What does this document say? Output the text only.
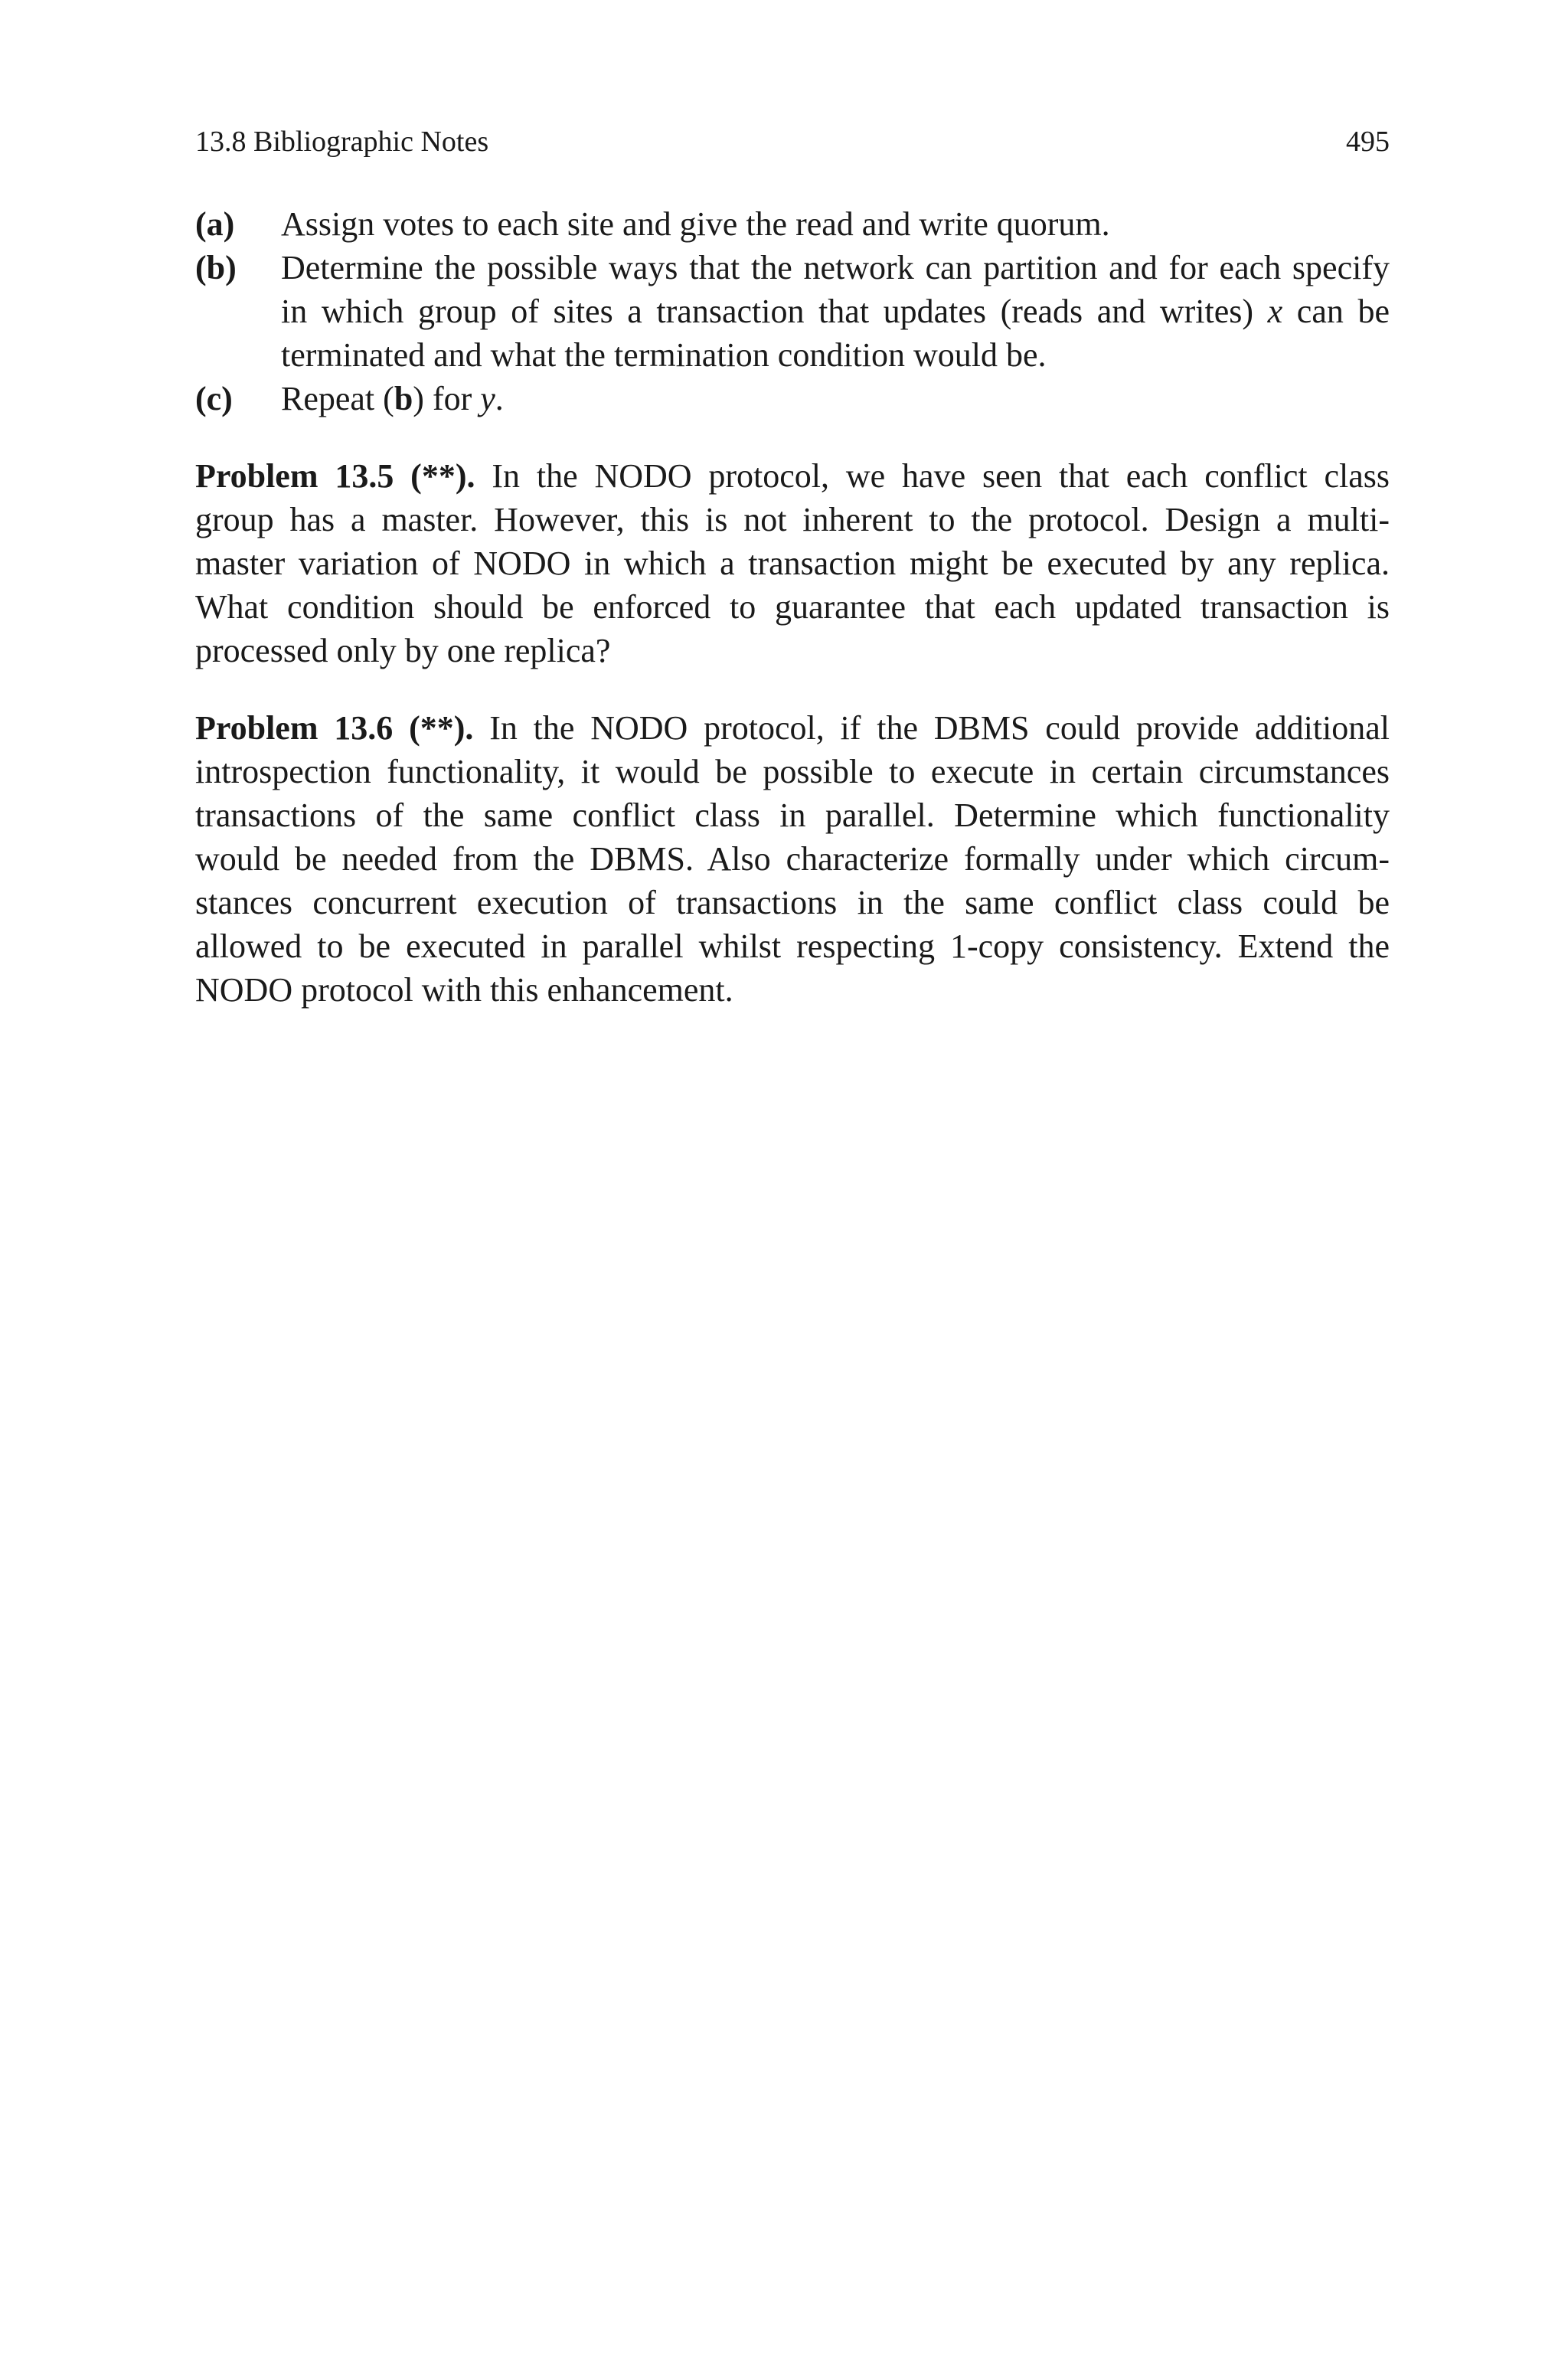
13.8 Bibliographic Notes	495
(a) Assign votes to each site and give the read and write quorum.
(b) Determine the possible ways that the network can partition and for each specify
in which group of sites a transaction that updates (reads and writes) x can be
terminated and what the termination condition would be.
(c) Repeat (b) for y.
Problem 13.5 (**). In the NODO protocol, we have seen that each conflict class
group has a master. However, this is not inherent to the protocol. Design a multi-
master variation of NODO in which a transaction might be executed by any replica.
What condition should be enforced to guarantee that each updated transaction is
processed only by one replica?
Problem 13.6 (**). In the NODO protocol, if the DBMS could provide additional
introspection functionality, it would be possible to execute in certain circumstances
transactions of the same conflict class in parallel. Determine which functionality
would be needed from the DBMS. Also characterize formally under which circum-
stances concurrent execution of transactions in the same conflict class could be
allowed to be executed in parallel whilst respecting 1-copy consistency. Extend the
NODO protocol with this enhancement.
